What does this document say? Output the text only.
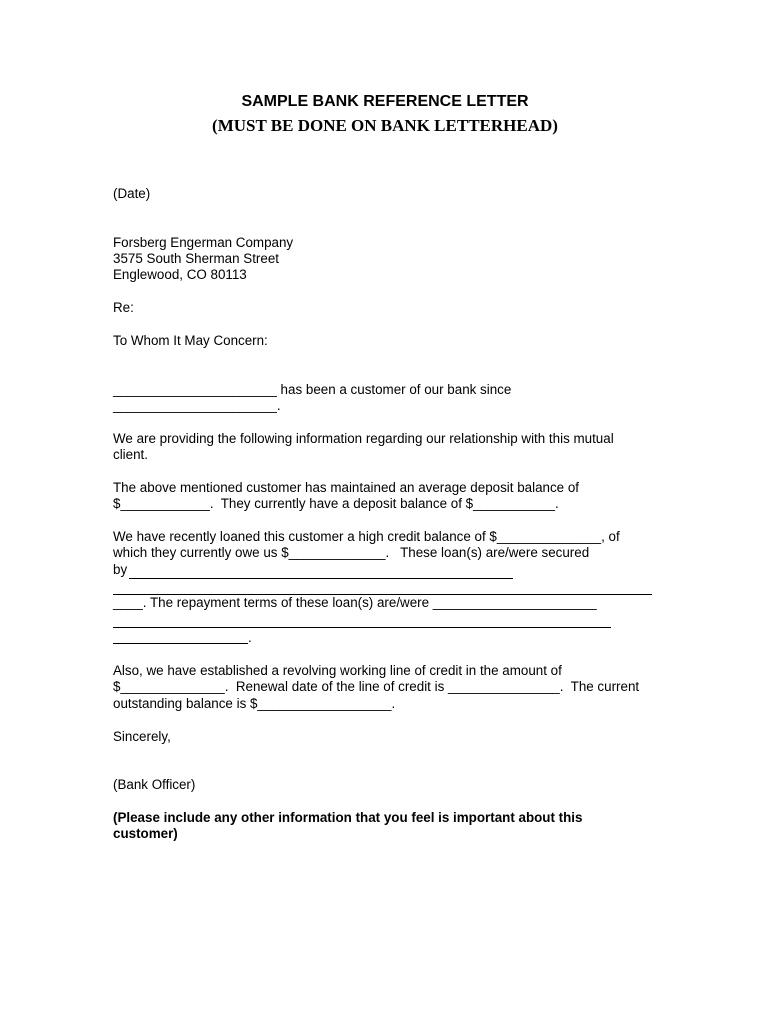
SAMPLE BANK REFERENCE LETTER
(MUST BE DONE ON BANK LETTERHEAD)
(Date)
Forsberg Engerman Company
3575 South Sherman Street
Englewood, CO 80113
Re:
To Whom It May Concern:
______________________ has been a customer of our bank since
______________________.
We are providing the following information regarding our relationship with this mutual
client.
The above mentioned customer has maintained an average deposit balance of
$____________.  They currently have a deposit balance of $___________.
We have recently loaned this customer a high credit balance of $______________, of
which they currently owe us $_____________.   These loan(s) are/were secured
by
____. The repayment terms of these loan(s) are/were ______________________
.
Also, we have established a revolving working line of credit in the amount of
$______________.  Renewal date of the line of credit is _______________.  The current
outstanding balance is $__________________.
Sincerely,
(Bank Officer)
(Please include any other information that you feel is important about this
customer)
